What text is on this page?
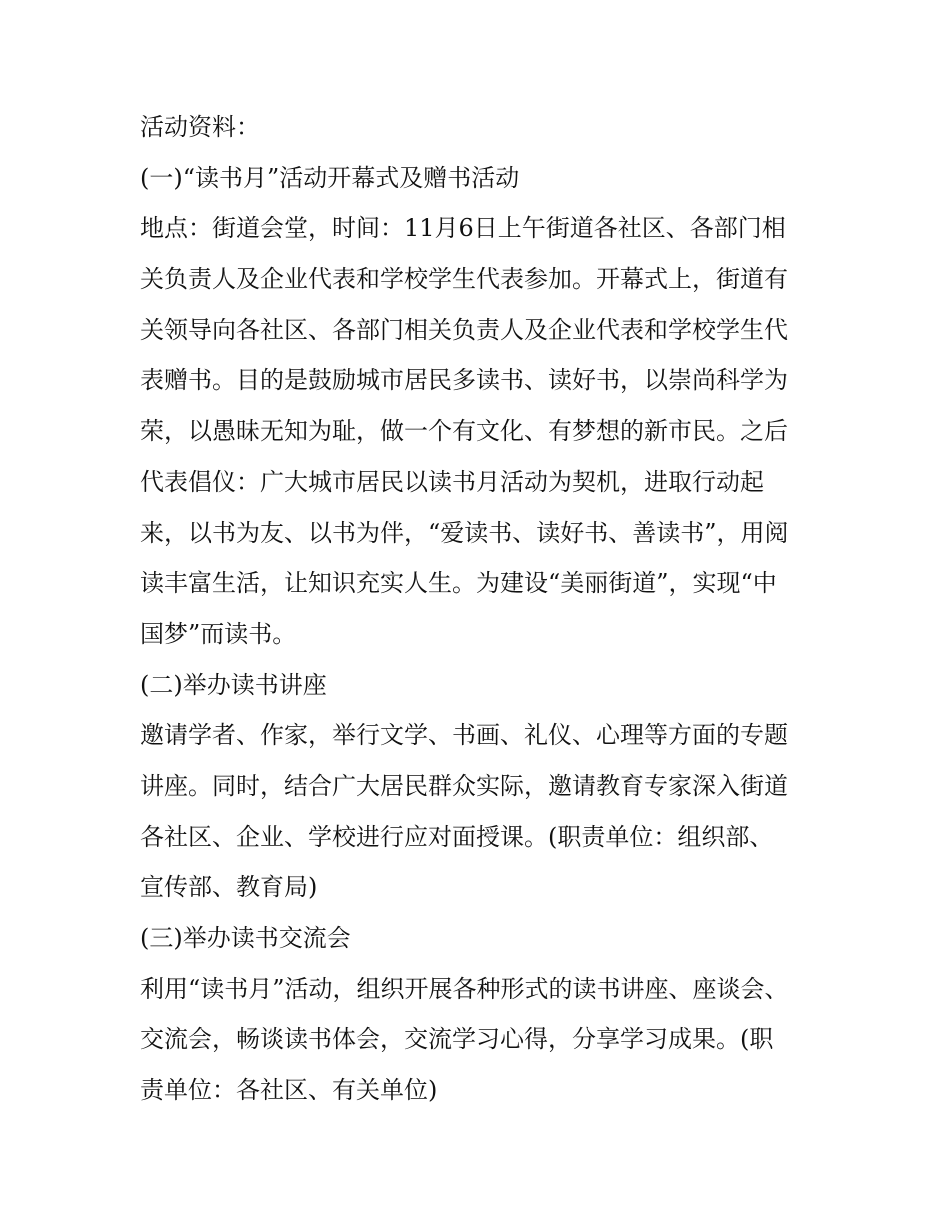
活动资料：
(一)“读书月”活动开幕式及赠书活动
地点：街道会堂，时间：11月6日上午街道各社区、各部门相
关负责人及企业代表和学校学生代表参加。开幕式上，街道有
关领导向各社区、各部门相关负责人及企业代表和学校学生代
表赠书。目的是鼓励城市居民多读书、读好书，以崇尚科学为
荣，以愚昧无知为耻，做一个有文化、有梦想的新市民。之后
代表倡仪：广大城市居民以读书月活动为契机，进取行动起
来，以书为友、以书为伴，“爱读书、读好书、善读书”，用阅
读丰富生活，让知识充实人生。为建设“美丽街道”，实现“中
国梦”而读书。
(二)举办读书讲座
邀请学者、作家，举行文学、书画、礼仪、心理等方面的专题
讲座。同时，结合广大居民群众实际，邀请教育专家深入街道
各社区、企业、学校进行应对面授课。(职责单位：组织部、
宣传部、教育局)
(三)举办读书交流会
利用“读书月”活动，组织开展各种形式的读书讲座、座谈会、
交流会，畅谈读书体会，交流学习心得，分享学习成果。(职
责单位：各社区、有关单位)
